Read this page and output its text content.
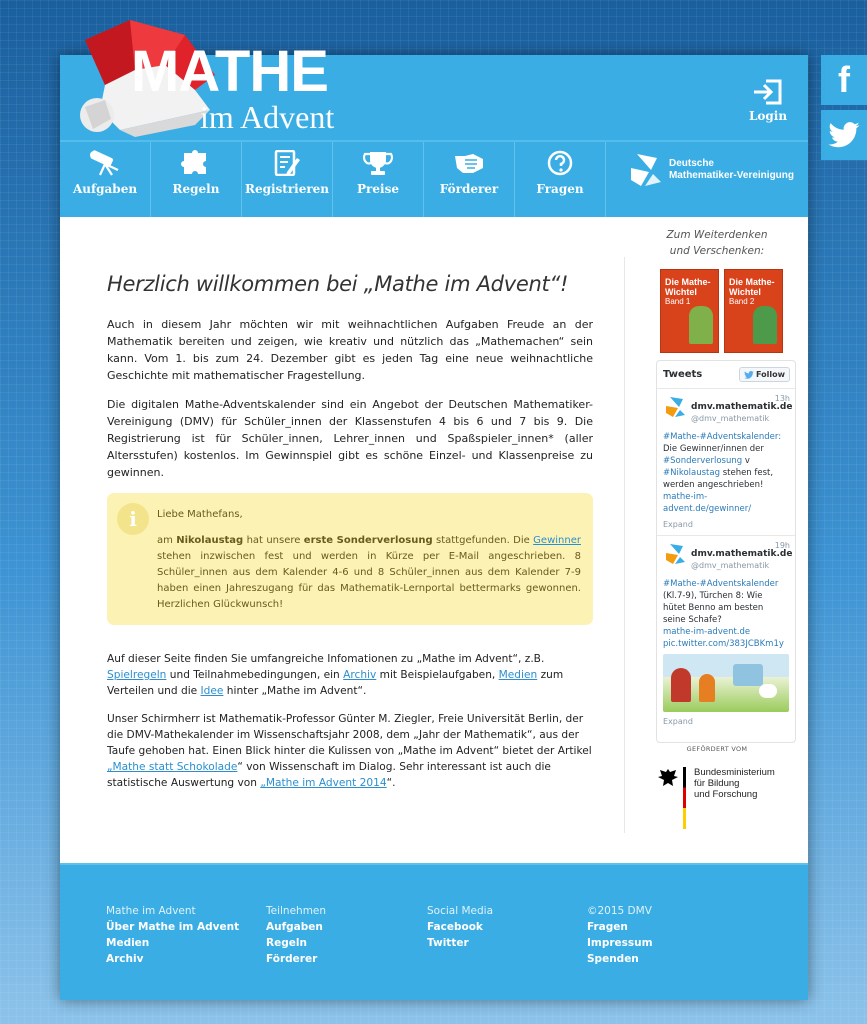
f
MATHE
im Advent	Login
Aufgaben	Regeln Registrieren Preise	Förderer	Fragen
Deutsche
Mathematiker-Vereinigung
Herzlich willkommen bei „Mathe im Advent“!

Auch in diesem Jahr möchten wir mit weihnachtlichen Aufgaben Freude an der Mathematik bereiten und zeigen, wie kreativ und nützlich das „Mathemachen“ sein kann. Vom 1. bis zum 24. Dezember gibt es jeden Tag eine neue weihnachtliche Geschichte mit mathematischer Fragestellung.

Die digitalen Mathe-Adventskalender sind ein Angebot der Deutschen Mathematiker-Vereinigung (DMV) für Schüler_innen der Klassenstufen 4 bis 6 und 7 bis 9. Die Registrierung ist für Schüler_innen, Lehrer_innen und Spaßspieler_innen* (aller Altersstufen) kostenlos. Im Gewinnspiel gibt es schöne Einzel- und Klassenpreise zu gewinnen.

i	Liebe Mathefans,

am Nikolaustag hat unsere erste Sonderverlosung stattgefunden. Die Gewinner stehen inzwischen fest und werden in Kürze per E-Mail angeschrieben. 8 Schüler_innen aus dem Kalender 4-6 und 8 Schüler_innen aus dem Kalender 7-9 haben einen Jahreszugang für das Mathematik-Lernportal bettermarks gewonnen. Herzlichen Glückwunsch!

Auf dieser Seite finden Sie umfangreiche Infomationen zu „Mathe im Advent“, z.B. Spielregeln und Teilnahmebedingungen, ein Archiv mit Beispielaufgaben, Medien zum Verteilen und die Idee hinter „Mathe im Advent“.

Unser Schirmherr ist Mathematik-Professor Günter M. Ziegler, Freie Universität Berlin, der die DMV-Mathekalender im Wissenschaftsjahr 2008, dem „Jahr der Mathematik“, aus der Taufe gehoben hat. Einen Blick hinter die Kulissen von „Mathe im Advent“ bietet der Artikel „Mathe statt Schokolade“ von Wissenschaft im Dialog. Sehr interessant ist auch die statistische Auswertung von „Mathe im Advent 2014“.

Zum Weiterdenken
und Verschenken:
Die Mathe-Wichtel
Band 1
Die Mathe-Wichtel
Band 2
Tweets	Follow
13h
dmv.mathematik.de
@dmv_mathematik
#Mathe-#Adventskalender:
Die Gewinner/innen der
#Sonderverlosung v
#Nikolaustag stehen fest,
werden angeschrieben!
mathe-im-advent.de/gewinner/
Expand
19h
dmv.mathematik.de
@dmv_mathematik
#Mathe-#Adventskalender
(Kl.7-9), Türchen 8: Wie
hütet Benno am besten
seine Schafe?
mathe-im-advent.de
pic.twitter.com/383JCBKm1y
Expand
GEFÖRDERT VOM
Bundesministerium
für Bildung
und Forschung
Mathe im Advent
Über Mathe im Advent
Medien
Archiv
Teilnehmen
Aufgaben
Regeln
Förderer
Social Media
Facebook
Twitter
©2015 DMV
Fragen
Impressum
Spenden
